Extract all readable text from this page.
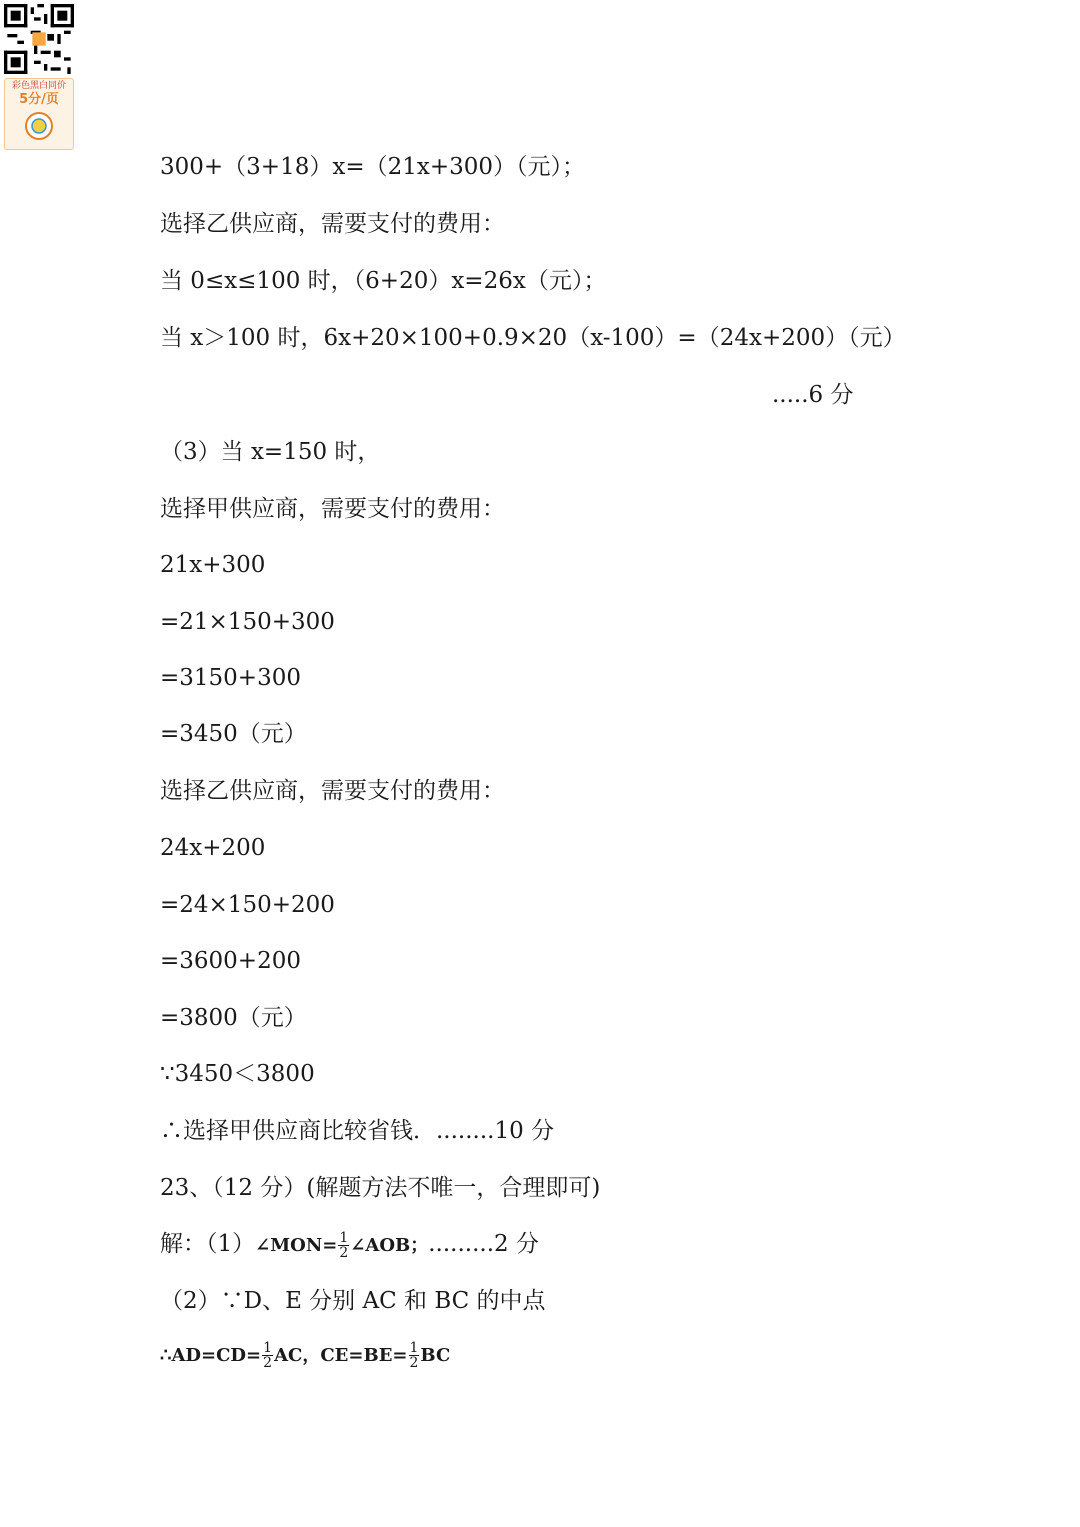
彩色黑白同价
5分/页
300+（3+18）x=（21x+300）（元）；
选择乙供应商，需要支付的费用：
当 0≤x≤100 时，（6+20）x=26x（元）；
当 x＞100 时，6x+20×100+0.9×20（x-100）=（24x+200）（元）
.....6 分
（3）当 x=150 时，
选择甲供应商，需要支付的费用：
21x+300
=21×150+300
=3150+300
=3450（元）
选择乙供应商，需要支付的费用：
24x+200
=24×150+200
=3600+200
=3800（元）
∵3450＜3800
∴选择甲供应商比较省钱．........10 分
23、（12 分）(解题方法不唯一，合理即可)
解：（1）∠MON= $\frac{1}{2}$ ∠AOB；.........2 分
（2）∵D、E 分别 AC 和 BC 的中点
∴AD=CD= $\frac{1}{2}$ AC，$CE=BE= \frac{1}{2}$ BC
